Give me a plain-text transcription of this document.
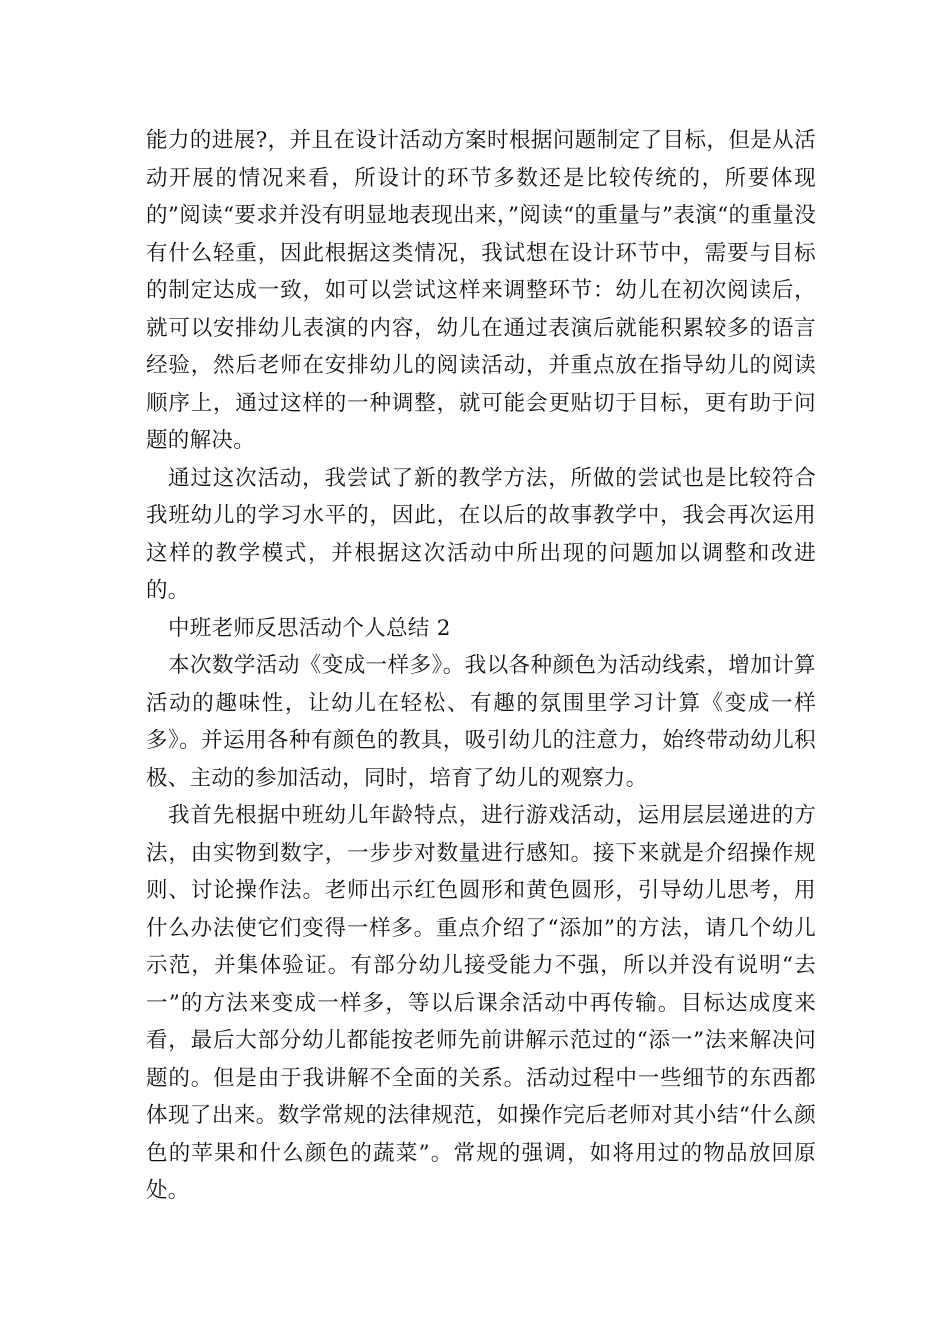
能力的进展?，并且在设计活动方案时根据问题制定了目标，但是从活动开展的情况来看，所设计的环节多数还是比较传统的，所要体现的”阅读“要求并没有明显地表现出来，”阅读“的重量与”表演“的重量没有什么轻重，因此根据这类情况，我试想在设计环节中，需要与目标的制定达成一致，如可以尝试这样来调整环节：幼儿在初次阅读后，就可以安排幼儿表演的内容，幼儿在通过表演后就能积累较多的语言经验，然后老师在安排幼儿的阅读活动，并重点放在指导幼儿的阅读顺序上，通过这样的一种调整，就可能会更贴切于目标，更有助于问题的解决。

通过这次活动，我尝试了新的教学方法，所做的尝试也是比较符合我班幼儿的学习水平的，因此，在以后的故事教学中，我会再次运用这样的教学模式，并根据这次活动中所出现的问题加以调整和改进的。

中班老师反思活动个人总结 2

本次数学活动《变成一样多》。我以各种颜色为活动线索，增加计算活动的趣味性，让幼儿在轻松、有趣的氛围里学习计算《变成一样多》。并运用各种有颜色的教具，吸引幼儿的注意力，始终带动幼儿积极、主动的参加活动，同时，培育了幼儿的观察力。

我首先根据中班幼儿年龄特点，进行游戏活动，运用层层递进的方法，由实物到数字，一步步对数量进行感知。接下来就是介绍操作规则、讨论操作法。老师出示红色圆形和黄色圆形，引导幼儿思考，用什么办法使它们变得一样多。重点介绍了“添加”的方法，请几个幼儿示范，并集体验证。有部分幼儿接受能力不强，所以并没有说明“去一”的方法来变成一样多，等以后课余活动中再传输。目标达成度来看，最后大部分幼儿都能按老师先前讲解示范过的“添一”法来解决问题的。但是由于我讲解不全面的关系。活动过程中一些细节的东西都体现了出来。数学常规的法律规范，如操作完后老师对其小结“什么颜色的苹果和什么颜色的蔬菜”。常规的强调，如将用过的物品放回原处。
